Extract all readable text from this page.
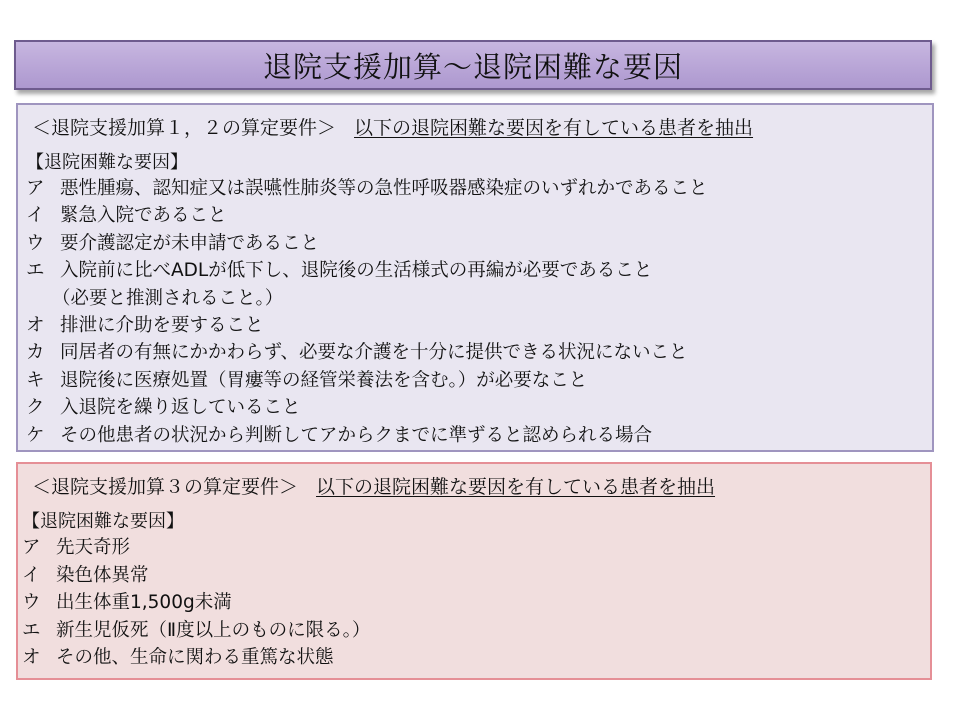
退院支援加算～退院困難な要因
＜退院支援加算１，２の算定要件＞ 以下の退院困難な要因を有している患者を抽出
【退院困難な要因】
ア 悪性腫瘍、認知症又は誤嚥性肺炎等の急性呼吸器感染症のいずれかであること
イ 緊急入院であること
ウ 要介護認定が未申請であること
エ 入院前に比べADLが低下し、退院後の生活様式の再編が必要であること
（必要と推測されること。）
オ 排泄に介助を要すること
カ 同居者の有無にかかわらず、必要な介護を十分に提供できる状況にないこと
キ 退院後に医療処置（胃瘻等の経管栄養法を含む。）が必要なこと
ク 入退院を繰り返していること
ケ その他患者の状況から判断してアからクまでに準ずると認められる場合
＜退院支援加算３の算定要件＞ 以下の退院困難な要因を有している患者を抽出
【退院困難な要因】
ア 先天奇形
イ 染色体異常
ウ 出生体重1,500g未満
エ 新生児仮死（Ⅱ度以上のものに限る。）
オ その他、生命に関わる重篤な状態
